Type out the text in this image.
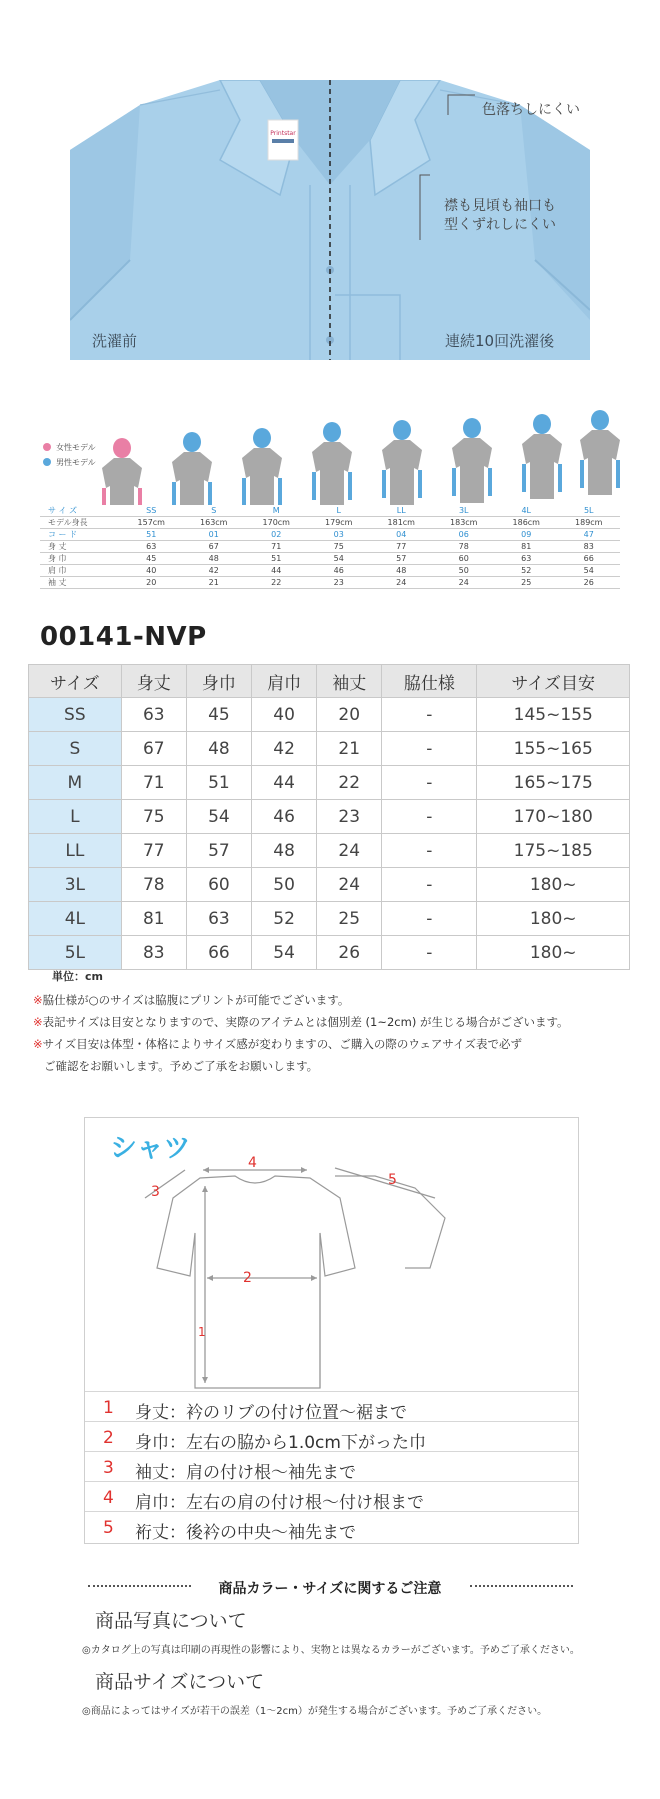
Printstar
洗濯前	連続10回洗濯後
色落ちしにくい
襟も見頃も袖口も
型くずれしにくい
女性モデル
男性モデル
サ イ ズ	SS	S	M	L	LL	3L	4L	5L
モデル身長	157cm	163cm	170cm	179cm	181cm	183cm	186cm	189cm
コ ー ド	51	01	02	03	04	06	09	47
身 丈	63	67	71	75	77	78	81	83
身 巾	45	48	51	54	57	60	63	66
肩 巾	40	42	44	46	48	50	52	54
袖 丈	20	21	22	23	24	24	25	26
00141-NVP
サイズ	身丈	身巾	肩巾	袖丈	脇仕様	サイズ目安
SS	63	45	40	20	-	145~155
S	67	48	42	21	-	155~165
M	71	51	44	22	-	165~175
L	75	54	46	23	-	170~180
LL	77	57	48	24	-	175~185
3L	78	60	50	24	-	180~
4L	81	63	52	25	-	180~
5L	83	66	54	26	-	180~
単位：cm
※脇仕様が○のサイズは脇腹にプリントが可能でございます。
※表記サイズは目安となりますので、実際のアイテムとは個別差 (1~2cm) が生じる場合がございます。
※サイズ目安は体型・体格によりサイズ感が変わりますの、ご購入の際のウェアサイズ表で必ず
ご確認をお願いします。予めご了承をお願いします。
4
2
1
3
5
1 身丈：衿のリブの付け位置～裾まで
2 身巾：左右の脇から1.0cm下がった巾
3 袖丈：肩の付け根～袖先まで
4 肩巾：左右の肩の付け根～付け根まで
5 裄丈：後衿の中央～袖先まで
シャツ
商品カラー・サイズに関するご注意
商品写真について
◎カタログ上の写真は印刷の再現性の影響により、実物とは異なるカラーがございます。予めご了承ください。
商品サイズについて
◎商品によってはサイズが若干の誤差（1～2cm）が発生する場合がございます。予めご了承ください。
